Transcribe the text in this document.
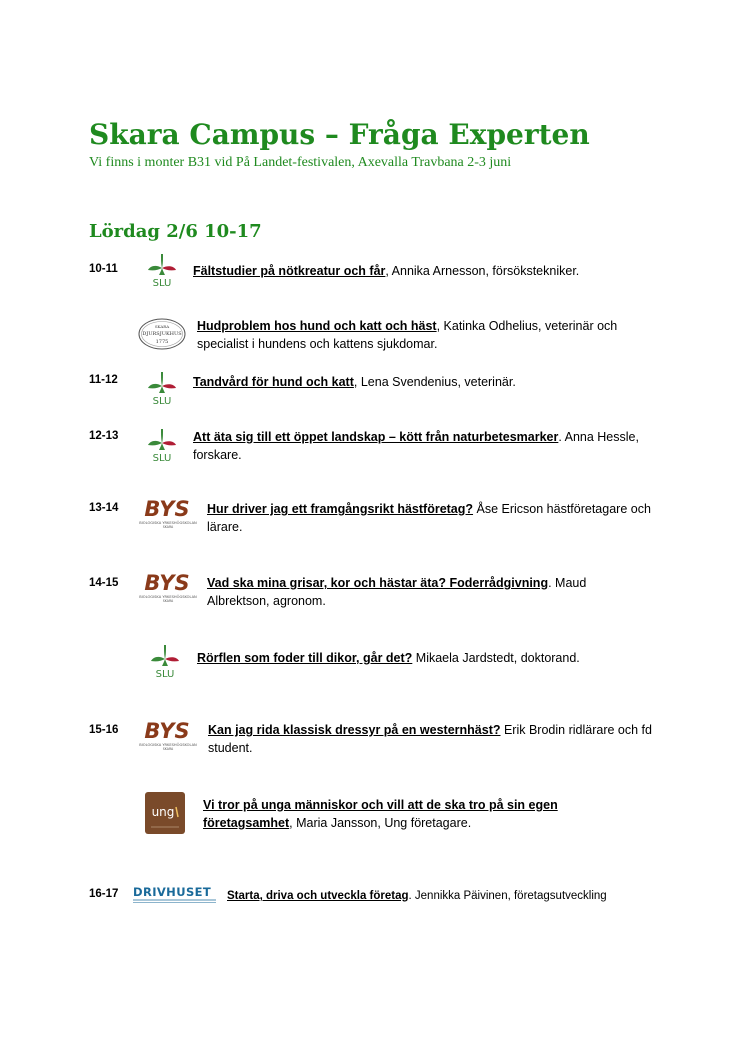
Skara Campus – Fråga Experten
Vi finns i monter B31 vid På Landet-festivalen, Axevalla Travbana 2-3 juni
Lördag 2/6 10-17
10-11
SLU
Fältstudier på nötkreatur och får, Annika Arnesson, försökstekniker.
SKARA
DJURSJUKHUS
1775
Hudproblem hos hund och katt och häst, Katinka Odhelius, veterinär och specialist i hundens och kattens sjukdomar.
11-12
SLU
Tandvård för hund och katt, Lena Svendenius, veterinär.
12-13
SLU
Att äta sig till ett öppet landskap – kött från naturbetesmarker. Anna Hessle, forskare.
13-14 BYS
BIOLOGISKA YRKESHÖGSKOLAN
SKARA
Hur driver jag ett framgångsrikt hästföretag? Åse Ericson hästföretagare och lärare.
14-15 BYS
BIOLOGISKA YRKESHÖGSKOLAN
SKARA
Vad ska mina grisar, kor och hästar äta? Foderrådgivning. Maud Albrektson, agronom.
SLU
Rörflen som foder till dikor, går det? Mikaela Jardstedt, doktorand.
15-16 BYS
BIOLOGISKA YRKESHÖGSKOLAN
SKARA
Kan jag rida klassisk dressyr på en westernhäst? Erik Brodin ridlärare och fd student.
ung Vi tror på unga människor och vill att de ska tro på sin egen företagsamhet, Maria Jansson, Ung företagare.
16-17 DRIVHUSET Starta, driva och utveckla företag. Jennikka Päivinen, företagsutveckling
